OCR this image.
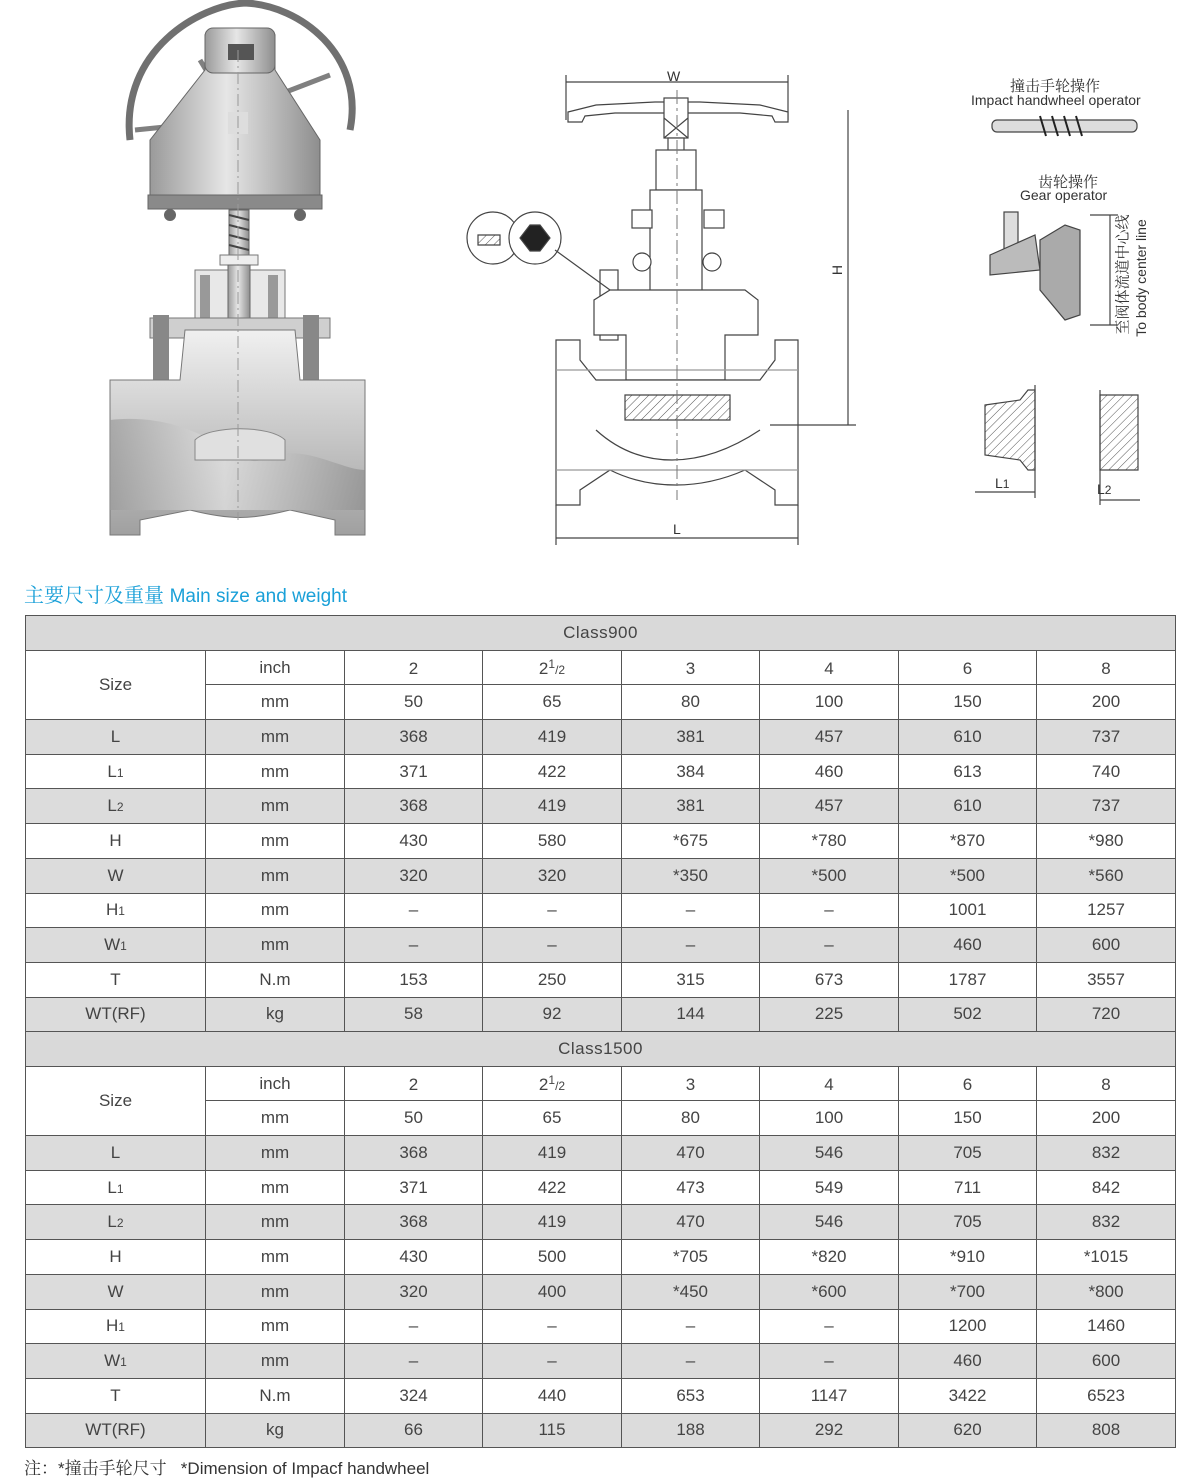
W
H
L
撞击手轮操作
Impact handwheel operator
齿轮操作
Gear operator
至阀体流道中心线 To body center line
L1	L2
主要尺寸及重量 Main size and weight
Class900							
Size	inch	2	$2^1/2$	3	4	6	8
	mm	50	65	80	100	150	200
L	mm	368	419	381	457	610	737
L1	mm	371	422	384	460	613	740
L2	mm	368	419	381	457	610	737
H	mm	430	580	*675	*780	*870	*980
W	mm	320	320	*350	*500	*500	*560
H1	mm	–	–	–	–	1001	1257
W1	mm	–	–	–	–	460	600
T	N.m	153	250	315	673	1787	3557
WT(RF)	kg	58	92	144	225	502	720
Class1500							
Size	inch	2	$2^1/2$	3	4	6	8
	mm	50	65	80	100	150	200
L	mm	368	419	470	546	705	832
L1	mm	371	422	473	549	711	842
L2	mm	368	419	470	546	705	832
H	mm	430	500	*705	*820	*910	*1015
W	mm	320	400	*450	*600	*700	*800
H1	mm	–	–	–	–	1200	1460
W1	mm	–	–	–	–	460	600
T	N.m	324	440	653	1147	3422	6523
WT(RF)	kg	66	115	188	292	620	808
注：*撞击手轮尺寸 *Dimension of Impacf handwheel
